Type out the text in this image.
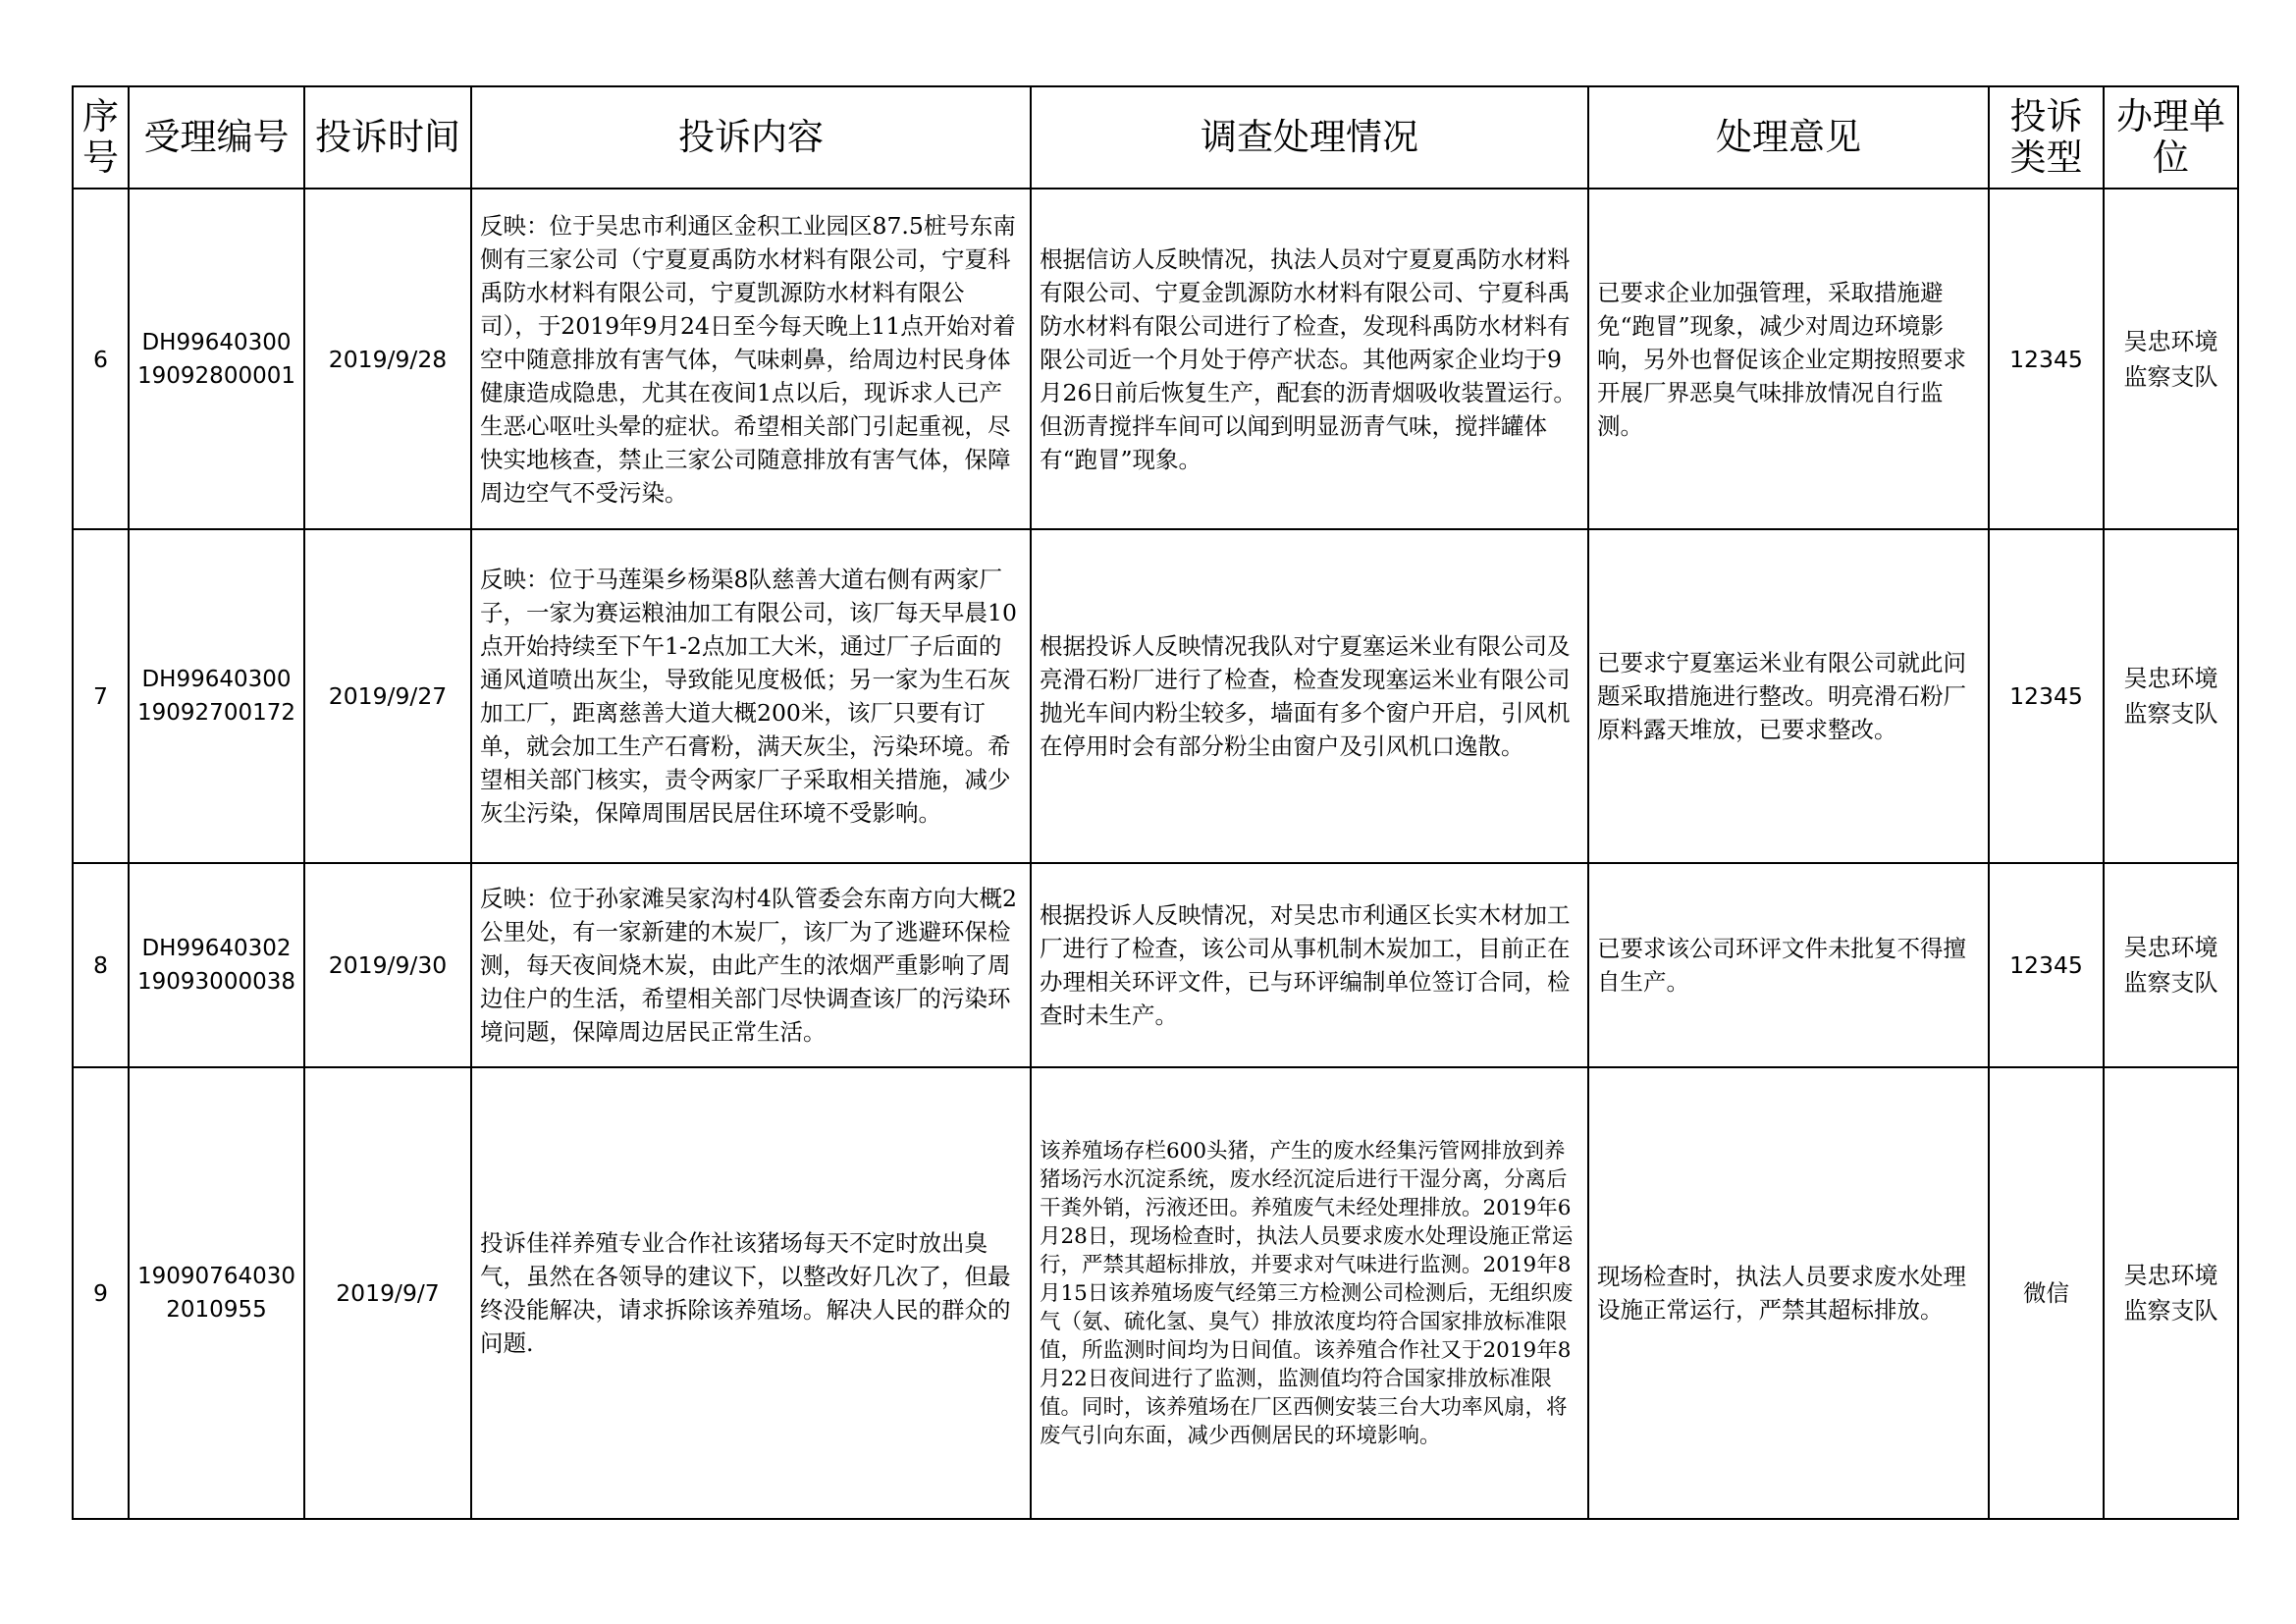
序号	受理编号	投诉时间	投诉内容	调查处理情况	处理意见	投诉类型	办理单位
6	DH9964030019092800001	2019/9/28	反映：位于吴忠市利通区金积工业园区87.5桩号东南侧有三家公司（宁夏夏禹防水材料有限公司，宁夏科禹防水材料有限公司，宁夏凯源防水材料有限公司），于2019年9月24日至今每天晚上11点开始对着空中随意排放有害气体，气味刺鼻，给周边村民身体健康造成隐患，尤其在夜间1点以后，现诉求人已产生恶心呕吐头晕的症状。希望相关部门引起重视，尽快实地核查，禁止三家公司随意排放有害气体，保障周边空气不受污染。	根据信访人反映情况，执法人员对宁夏夏禹防水材料有限公司、宁夏金凯源防水材料有限公司、宁夏科禹防水材料有限公司进行了检查，发现科禹防水材料有限公司近一个月处于停产状态。其他两家企业均于9月26日前后恢复生产，配套的沥青烟吸收装置运行。但沥青搅拌车间可以闻到明显沥青气味，搅拌罐体有“跑冒”现象。	已要求企业加强管理，采取措施避免“跑冒”现象，减少对周边环境影响，另外也督促该企业定期按照要求开展厂界恶臭气味排放情况自行监测。	12345	吴忠环境监察支队
7	DH9964030019092700172	2019/9/27	反映：位于马莲渠乡杨渠8队慈善大道右侧有两家厂子，一家为赛运粮油加工有限公司，该厂每天早晨10点开始持续至下午1-2点加工大米，通过厂子后面的通风道喷出灰尘，导致能见度极低；另一家为生石灰加工厂，距离慈善大道大概200米，该厂只要有订单，就会加工生产石膏粉，满天灰尘，污染环境。希望相关部门核实，责令两家厂子采取相关措施，减少灰尘污染，保障周围居民居住环境不受影响。	根据投诉人反映情况我队对宁夏塞运米业有限公司及亮滑石粉厂进行了检查，检查发现塞运米业有限公司抛光车间内粉尘较多，墙面有多个窗户开启，引风机在停用时会有部分粉尘由窗户及引风机口逸散。	已要求宁夏塞运米业有限公司就此问题采取措施进行整改。明亮滑石粉厂原料露天堆放，已要求整改。	12345	吴忠环境监察支队
8	DH9964030219093000038	2019/9/30	反映：位于孙家滩吴家沟村4队管委会东南方向大概2公里处，有一家新建的木炭厂，该厂为了逃避环保检测，每天夜间烧木炭，由此产生的浓烟严重影响了周边住户的生活，希望相关部门尽快调查该厂的污染环境问题，保障周边居民正常生活。	根据投诉人反映情况，对吴忠市利通区长实木材加工厂进行了检查，该公司从事机制木炭加工，目前正在办理相关环评文件，已与环评编制单位签订合同，检查时未生产。	已要求该公司环评文件未批复不得擅自生产。	12345	吴忠环境监察支队
9	190907640302010955	2019/9/7	投诉佳祥养殖专业合作社该猪场每天不定时放出臭气，虽然在各领导的建议下，以整改好几次了，但最终没能解决，请求拆除该养殖场。解决人民的群众的问题.	该养殖场存栏600头猪，产生的废水经集污管网排放到养猪场污水沉淀系统，废水经沉淀后进行干湿分离，分离后干粪外销，污液还田。养殖废气未经处理排放。2019年6月28日，现场检查时，执法人员要求废水处理设施正常运行，严禁其超标排放，并要求对气味进行监测。2019年8月15日该养殖场废气经第三方检测公司检测后，无组织废气（氨、硫化氢、臭气）排放浓度均符合国家排放标准限值，所监测时间均为日间值。该养殖合作社又于2019年8月22日夜间进行了监测，监测值均符合国家排放标准限值。同时，该养殖场在厂区西侧安装三台大功率风扇，将废气引向东面，减少西侧居民的环境影响。	现场检查时，执法人员要求废水处理设施正常运行，严禁其超标排放。	微信	吴忠环境监察支队
